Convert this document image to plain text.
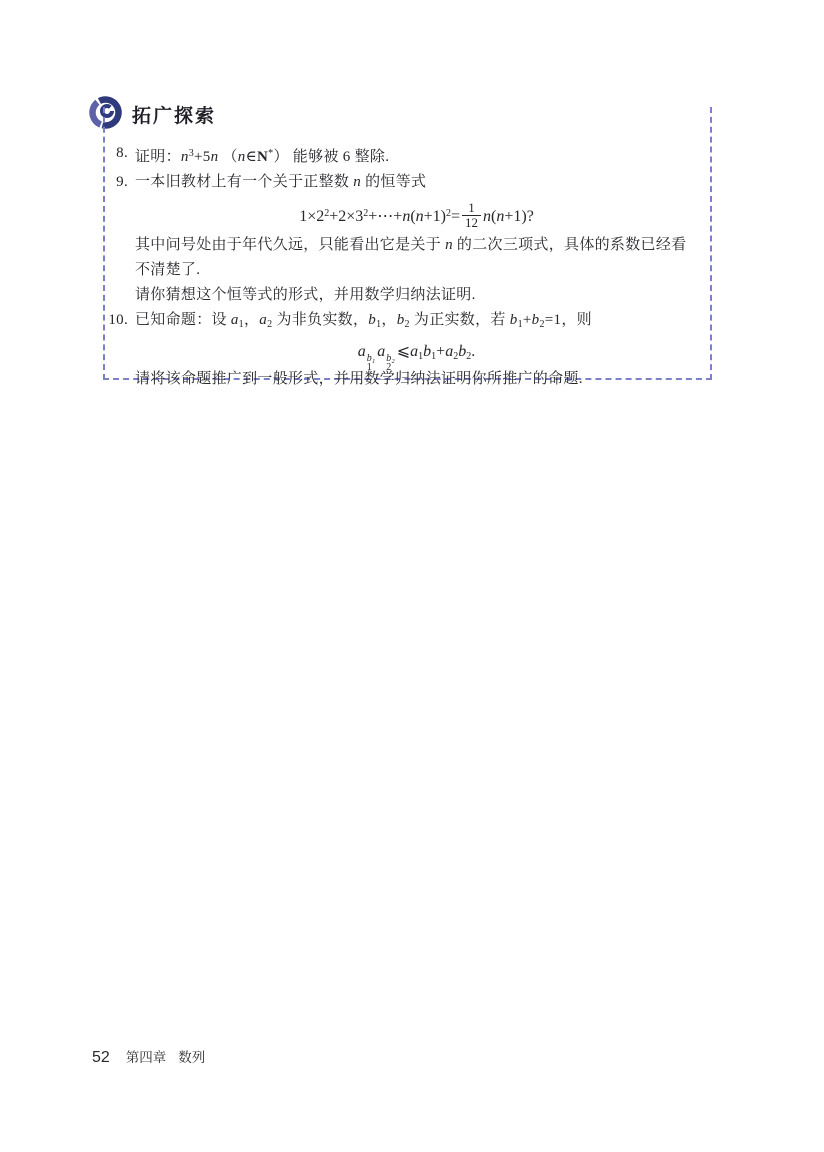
拓广探索
8. 证明：$n^3+5n$ （n∈N*） 能够被 6 整除.
9. 一本旧教材上有一个关于正整数 n 的恒等式
$1\times 2^2+2\times 3^2+\cdots+n(n+1)^2= \frac{1}{12} n(n+1)$?
其中问号处由于年代久远，只能看出它是关于 n 的二次三项式，具体的系数已经看不清楚了.
请你猜想这个恒等式的形式，并用数学归纳法证明.
10. 已知命题：设 $a_1$，$a_2$ 为非负实数，$b_1$，$b_2$ 为正实数，若 $b_1+b_2=1$，则
a b₁
1
a b₂
2
⩽a1b1+a2b2.
请将该命题推广到一般形式，并用数学归纳法证明你所推广的命题.
52 第四章 数列
